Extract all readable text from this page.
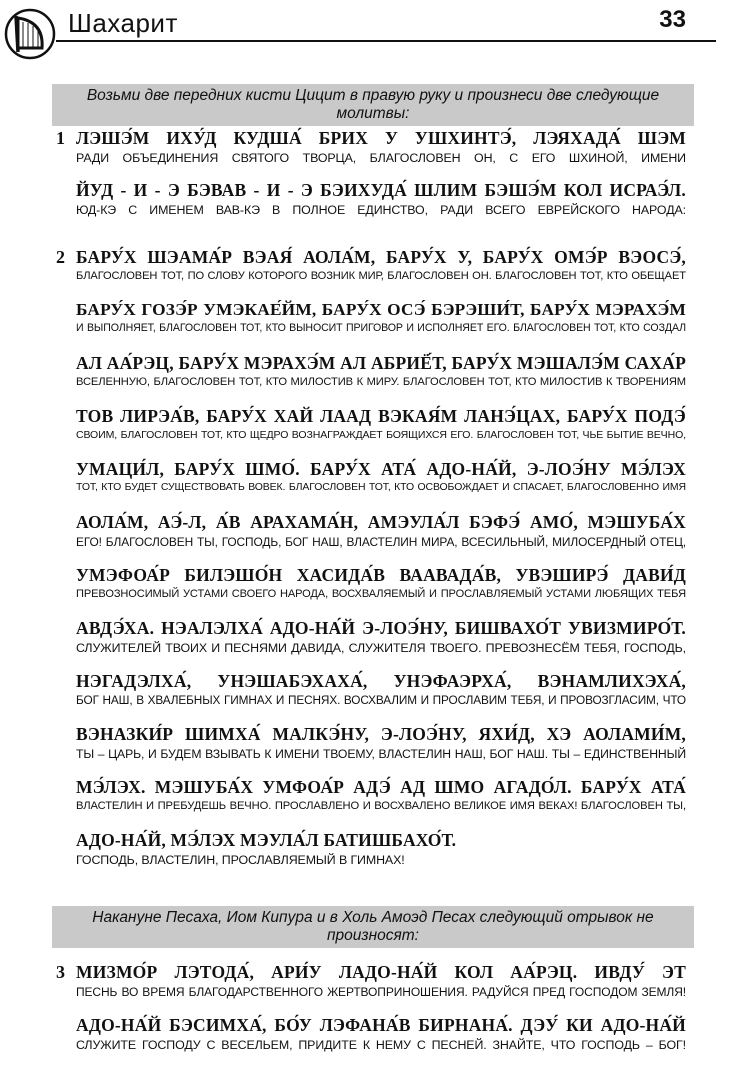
Шахарит	33
Возьми две передних кисти Цицит в правую руку и произнеси две следующие молитвы:
1 ЛЭШЭ́М ИХУ́Д КУДША́ БРИХ У УШХИНТЭ́, ЛЭЯХАДА́ ШЭМ
РАДИ ОБЪЕДИНЕНИЯ СВЯТОГО ТВОРЦА, БЛАГОСЛОВЕН ОН, С ЕГО ШХИНОЙ, ИМЕНИ
ЙУД - И - Э БЭВАВ - И - Э БЭИХУДА́ ШЛИМ БЭШЭ́М КОЛ ИСРАЭ́Л.
ЮД-КЭ С ИМЕНЕМ ВАВ-КЭ В ПОЛНОЕ ЕДИНСТВО, РАДИ ВСЕГО ЕВРЕЙСКОГО НАРОДА:
2 БАРУ́Х ШЭАМА́Р ВЭАЯ́ АОЛА́М, БАРУ́Х У, БАРУ́Х ОМЭ́Р ВЭОСЭ́,
БЛАГОСЛОВЕН ТОТ, ПО СЛОВУ КОТОРОГО ВОЗНИК МИР, БЛАГОСЛОВЕН ОН. БЛАГОСЛОВЕН ТОТ, КТО ОБЕЩАЕТ
БАРУ́Х ГОЗЭ́Р УМЭКАЕ́ЙМ, БАРУ́Х ОСЭ́ БЭРЭШИ́Т, БАРУ́Х МЭРАХЭ́М
И ВЫПОЛНЯЕТ, БЛАГОСЛОВЕН ТОТ, КТО ВЫНОСИТ ПРИГОВОР И ИСПОЛНЯЕТ ЕГО. БЛАГОСЛОВЕН ТОТ, КТО СОЗДАЛ
АЛ АА́РЭЦ, БАРУ́Х МЭРАХЭ́М АЛ АБРИЁ́Т, БАРУ́Х МЭШАЛЭ́М САХА́Р
ВСЕЛЕННУЮ, БЛАГОСЛОВЕН ТОТ, КТО МИЛОСТИВ К МИРУ. БЛАГОСЛОВЕН ТОТ, КТО МИЛОСТИВ К ТВОРЕНИЯМ
ТОВ ЛИРЭА́В, БАРУ́Х ХАЙ ЛААД ВЭКАЯ́М ЛАНЭ́ЦАХ, БАРУ́Х ПОДЭ́
СВОИМ, БЛАГОСЛОВЕН ТОТ, КТО ЩЕДРО ВОЗНАГРАЖДАЕТ БОЯЩИХСЯ ЕГО. БЛАГОСЛОВЕН ТОТ, ЧЬЕ БЫТИЕ ВЕЧНО,
УМАЦИ́Л, БАРУ́Х ШМО́. БАРУ́Х АТА́ АДО-НА́Й, Э-ЛОЭ́НУ МЭ́ЛЭХ
ТОТ, КТО БУДЕТ СУЩЕСТВОВАТЬ ВОВЕК. БЛАГОСЛОВЕН ТОТ, КТО ОСВОБОЖДАЕТ И СПАСАЕТ, БЛАГОСЛОВЕННО ИМЯ
АОЛА́М, АЭ́-Л, А́В АРАХАМА́Н, АМЭУЛА́Л БЭФЭ́ АМО́, МЭШУБА́Х
ЕГО! БЛАГОСЛОВЕН ТЫ, ГОСПОДЬ, БОГ НАШ, ВЛАСТЕЛИН МИРА, ВСЕСИЛЬНЫЙ, МИЛОСЕРДНЫЙ ОТЕЦ,
УМЭФОА́Р БИЛЭШО́Н ХАСИДА́В ВААВАДА́В, УВЭШИРЭ́ ДАВИ́Д
ПРЕВОЗНОСИМЫЙ УСТАМИ СВОЕГО НАРОДА, ВОСХВАЛЯЕМЫЙ И ПРОСЛАВЛЯЕМЫЙ УСТАМИ ЛЮБЯЩИХ ТЕБЯ
АВДЭ́ХА. НЭАЛЭЛХА́ АДО-НА́Й Э-ЛОЭ́НУ, БИШВАХО́Т УВИЗМИРО́Т.
СЛУЖИТЕЛЕЙ ТВОИХ И ПЕСНЯМИ ДАВИДА, СЛУЖИТЕЛЯ ТВОЕГО. ПРЕВОЗНЕСЁМ ТЕБЯ, ГОСПОДЬ,
НЭГАДЭЛХА́, УНЭШАБЭХАХА́, УНЭФАЭРХА́, ВЭНАМЛИХЭХА́,
БОГ НАШ, В ХВАЛЕБНЫХ ГИМНАХ И ПЕСНЯХ. ВОСХВАЛИМ И ПРОСЛАВИМ ТЕБЯ, И ПРОВОЗГЛАСИМ, ЧТО
ВЭНАЗКИ́Р ШИМХА́ МАЛКЭ́НУ, Э-ЛОЭ́НУ, ЯХИ́Д, ХЭ АОЛАМИ́М,
ТЫ – ЦАРЬ, И БУДЕМ ВЗЫВАТЬ К ИМЕНИ ТВОЕМУ, ВЛАСТЕЛИН НАШ, БОГ НАШ. ТЫ – ЕДИНСТВЕННЫЙ
МЭ́ЛЭХ. МЭШУБА́Х УМФОА́Р АДЭ́ АД ШМО АГАДО́Л. БАРУ́Х АТА́
ВЛАСТЕЛИН И ПРЕБУДЕШЬ ВЕЧНО. ПРОСЛАВЛЕНО И ВОСХВАЛЕНО ВЕЛИКОЕ ИМЯ ВЕКАХ! БЛАГОСЛОВЕН ТЫ,
АДО-НА́Й, МЭ́ЛЭХ МЭУЛА́Л БАТИШБАХО́Т.
ГОСПОДЬ, ВЛАСТЕЛИН, ПРОСЛАВЛЯЕМЫЙ В ГИМНАХ!
Накануне Песаха, Иом Кипура и в Холь Амоэд Песах следующий отрывок не произносят:
3 МИЗМО́Р ЛЭТОДА́, АРИ́У ЛАДО-НА́Й КОЛ АА́РЭЦ. ИВДУ́ ЭТ
ПЕСНЬ ВО ВРЕМЯ БЛАГОДАРСТВЕННОГО ЖЕРТВОПРИНОШЕНИЯ. РАДУЙСЯ ПРЕД ГОСПОДОМ ЗЕМЛЯ!
АДО-НА́Й БЭСИМХА́, БО́У ЛЭФАНА́В БИРНАНА́. ДЭУ́ КИ АДО-НА́Й
СЛУЖИТЕ ГОСПОДУ С ВЕСЕЛЬЕМ, ПРИДИТЕ К НЕМУ С ПЕСНЕЙ. ЗНАЙТЕ, ЧТО ГОСПОДЬ – БОГ!
